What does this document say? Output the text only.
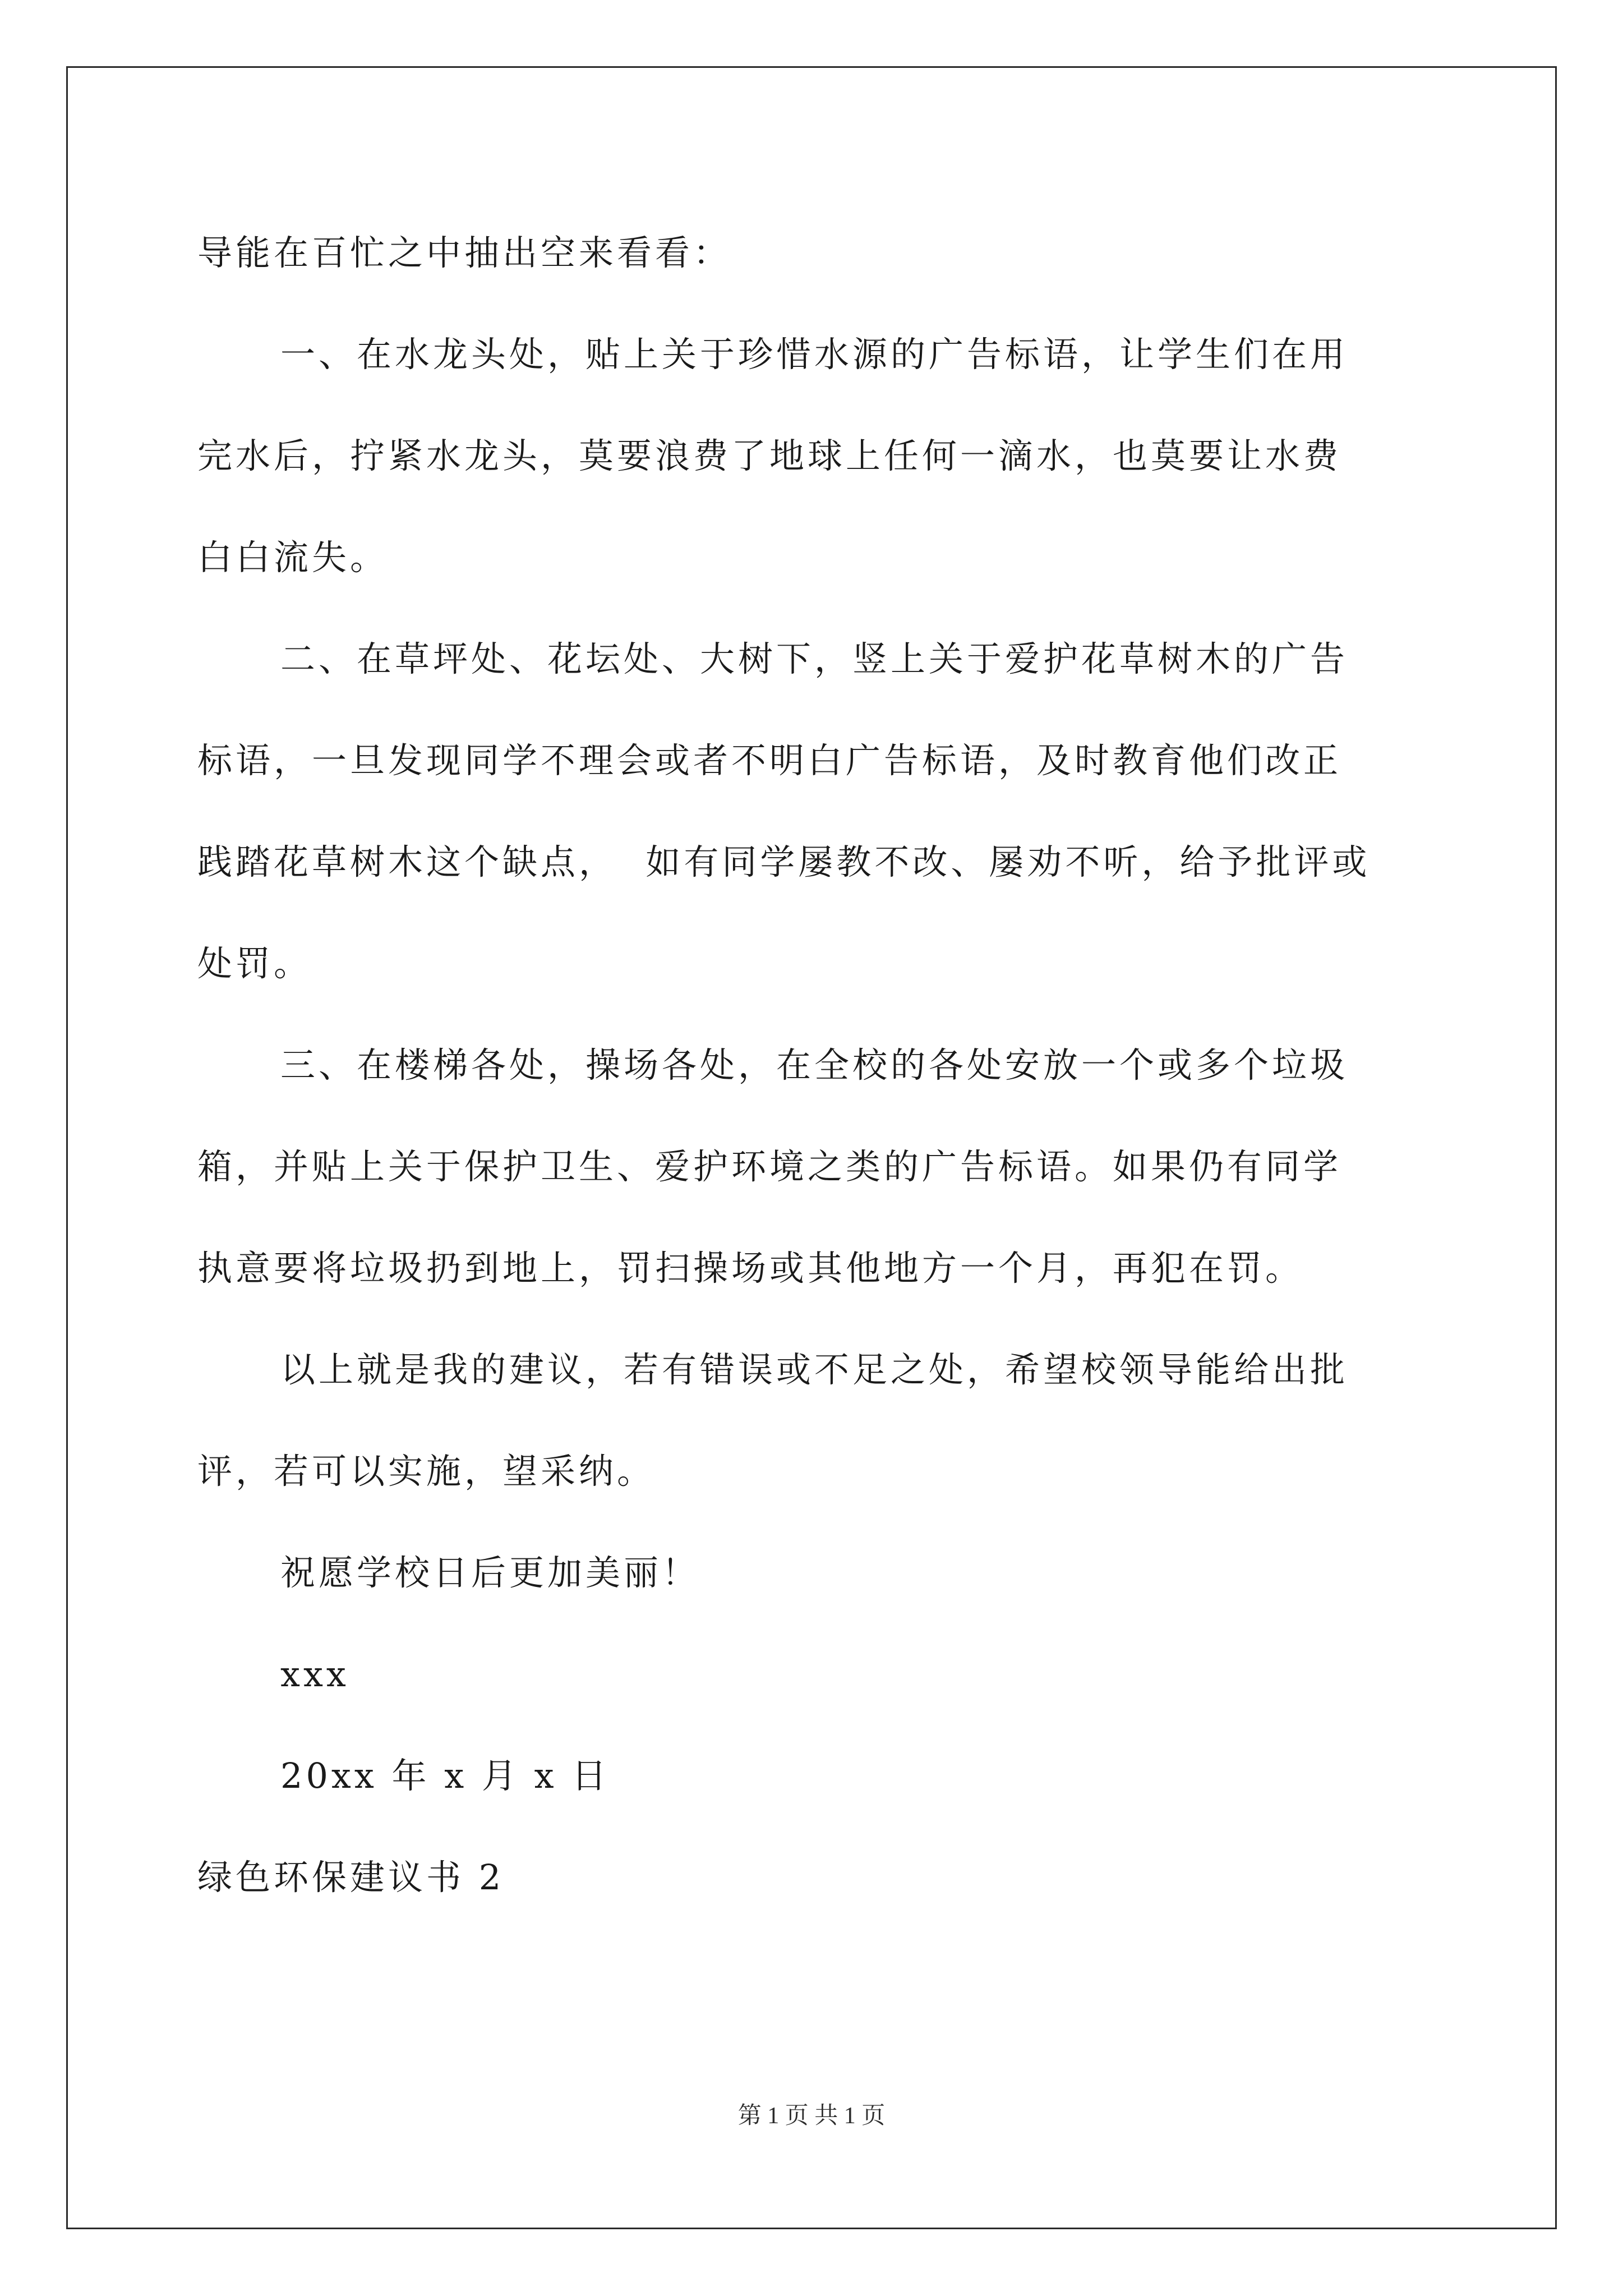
导能在百忙之中抽出空来看看：
一、在水龙头处，贴上关于珍惜水源的广告标语，让学生们在用
完水后，拧紧水龙头，莫要浪费了地球上任何一滴水，也莫要让水费
白白流失。
二、在草坪处、花坛处、大树下，竖上关于爱护花草树木的广告
标语，一旦发现同学不理会或者不明白广告标语，及时教育他们改正
践踏花草树木这个缺点，  如有同学屡教不改、屡劝不听，给予批评或
处罚。
三、在楼梯各处，操场各处，在全校的各处安放一个或多个垃圾
箱，并贴上关于保护卫生、爱护环境之类的广告标语。如果仍有同学
执意要将垃圾扔到地上，罚扫操场或其他地方一个月，再犯在罚。
以上就是我的建议，若有错误或不足之处，希望校领导能给出批
评，若可以实施，望采纳。
祝愿学校日后更加美丽！
xxx
20xx 年 x 月 x 日
绿色环保建议书 2
第 1 页 共 1 页
